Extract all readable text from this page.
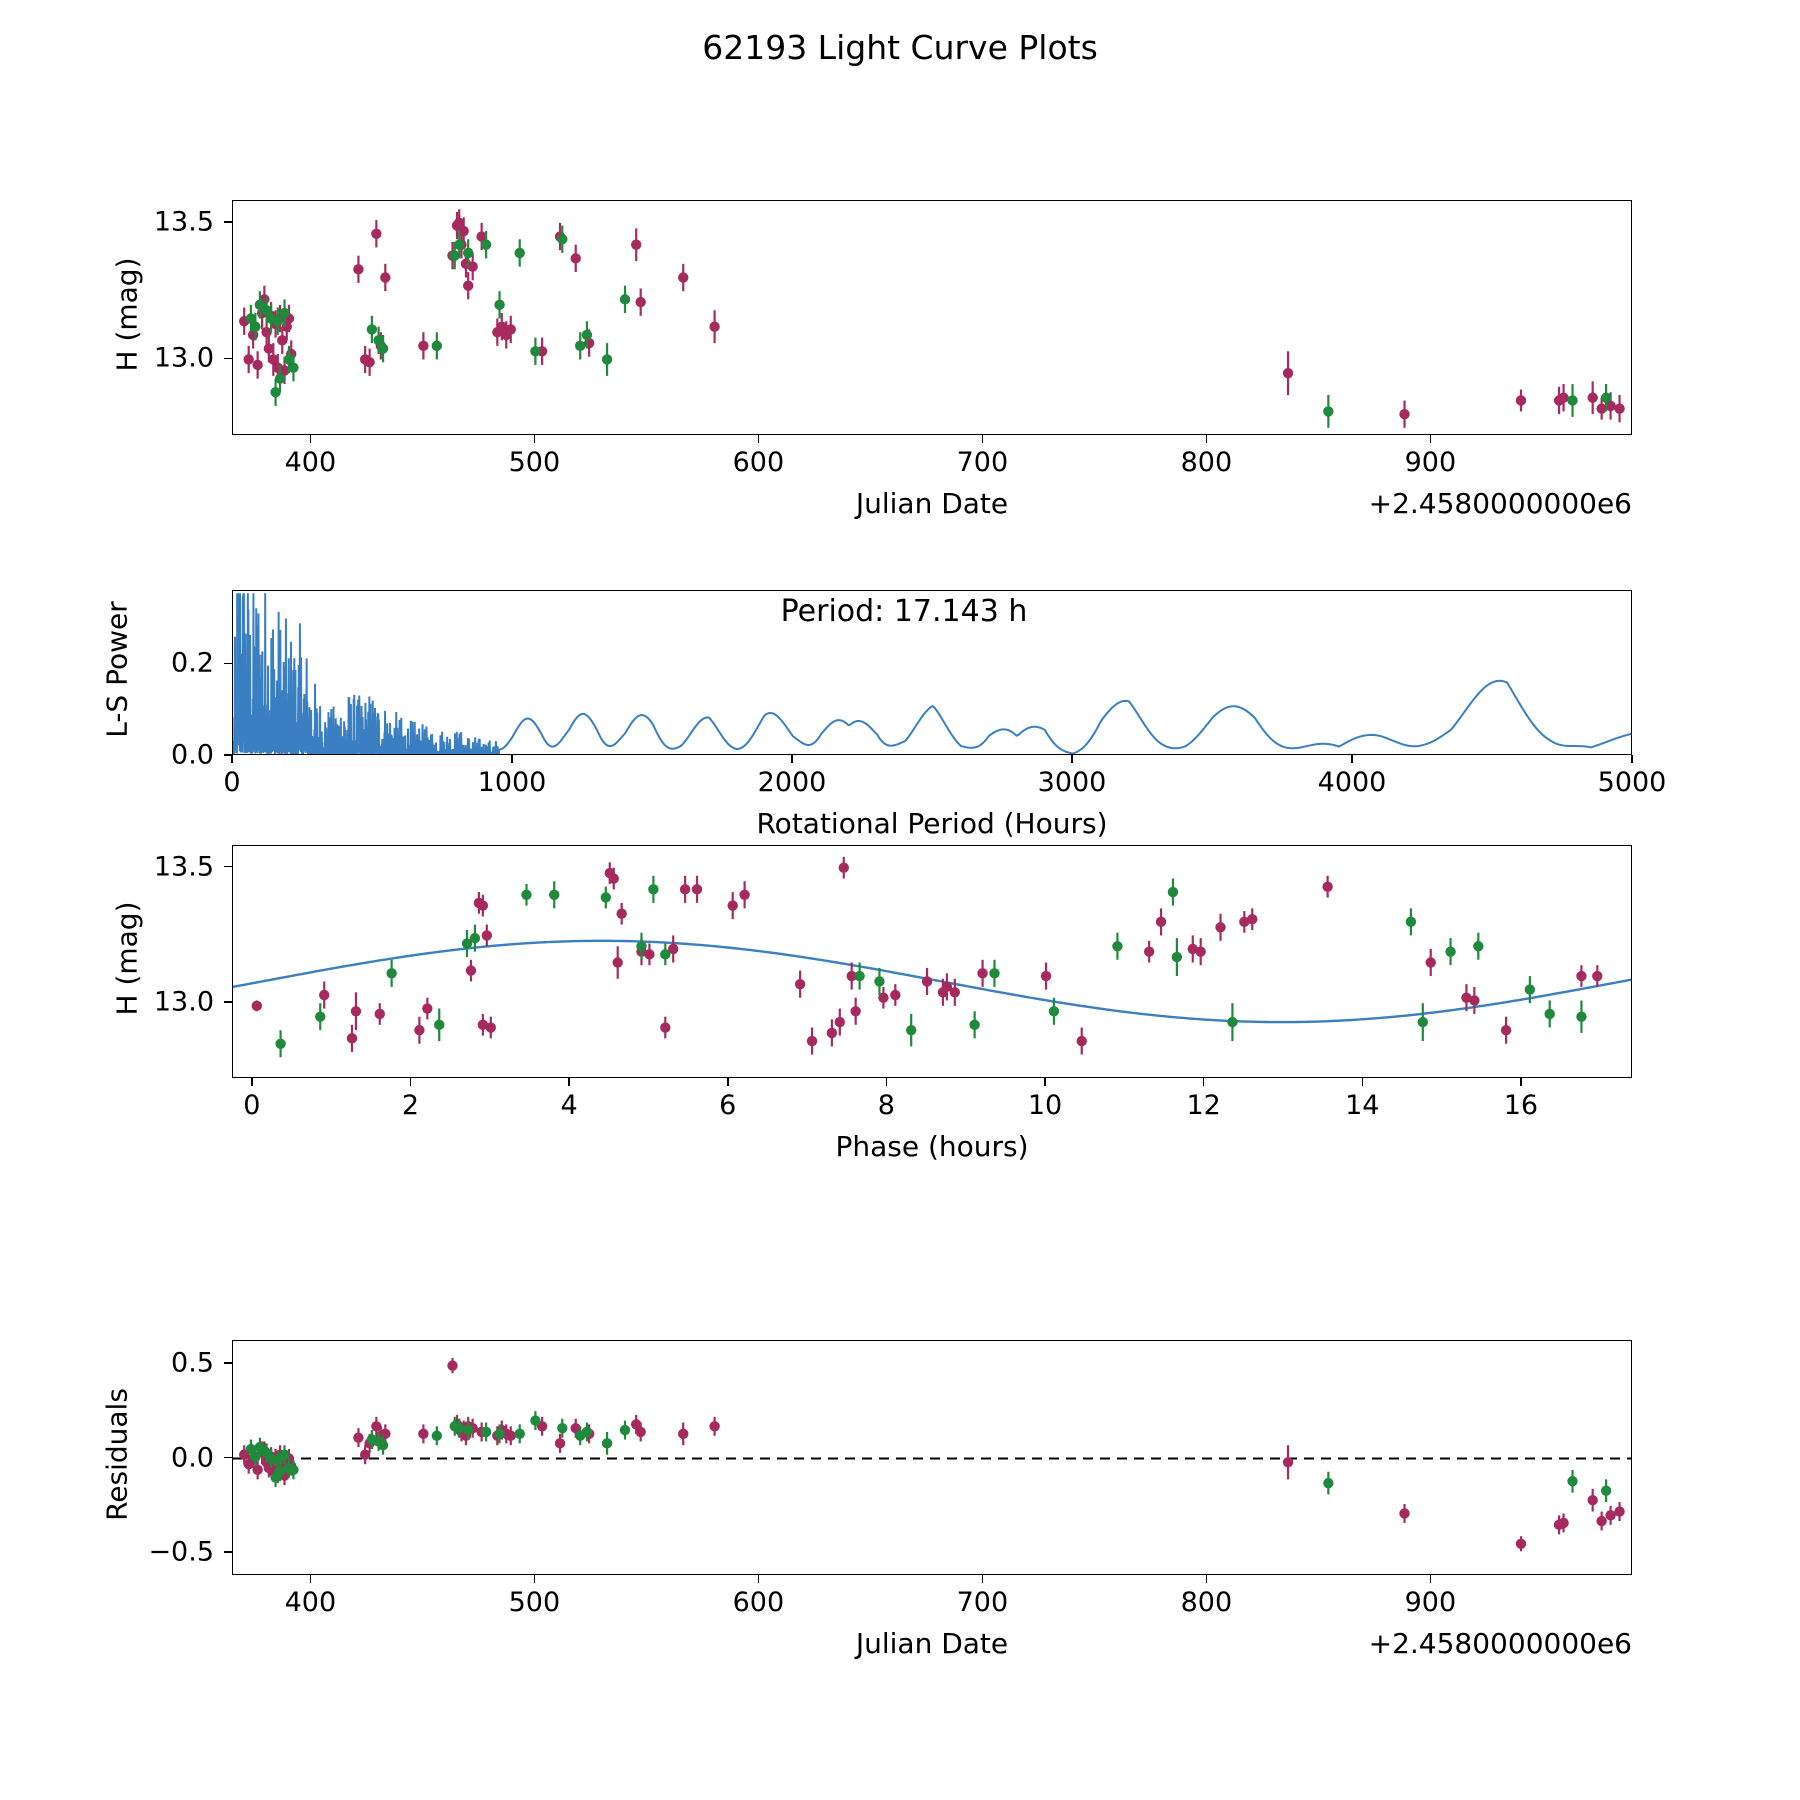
62193 Light Curve Plots
400	500	600	700	800	900
13.0
13.5
H (mag)
Julian Date	+2.4580000000e6
0	1000	2000	3000	4000	5000
0.0
0.2
L-S Power
Rotational Period (Hours)
Period: 17.143 h
0	2	4	6	8	10	12	14	16
13.0
13.5
H (mag)
Phase (hours)
400	500	600	700	800	900
−0.5
0.0
0.5
Residuals
Julian Date	+2.4580000000e6
